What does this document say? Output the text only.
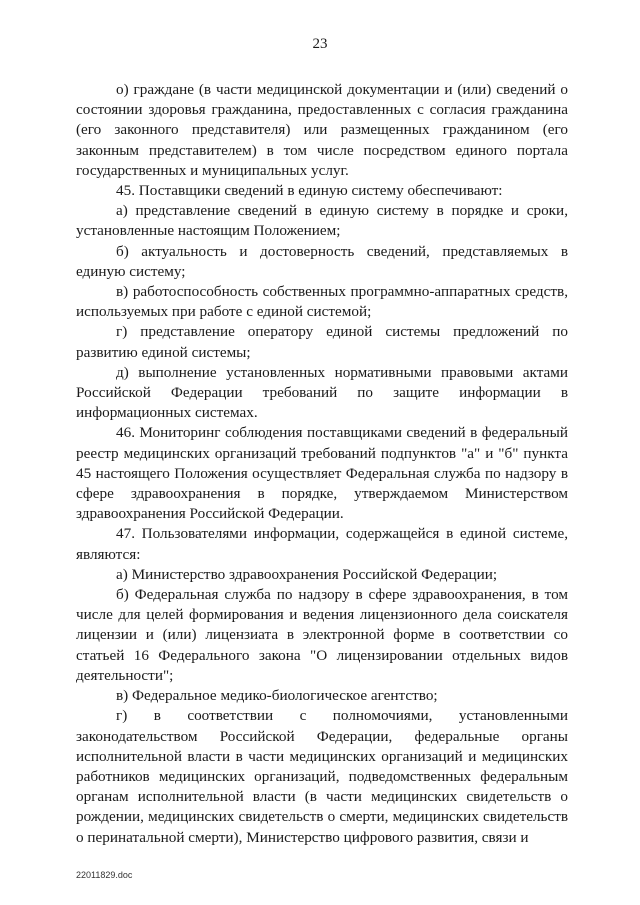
23

о) граждане (в части медицинской документации и (или) сведений о состоянии здоровья гражданина, предоставленных с согласия гражданина (его законного представителя) или размещенных гражданином (его законным представителем) в том числе посредством единого портала государственных и муниципальных услуг.

45. Поставщики сведений в единую систему обеспечивают:

а) представление сведений в единую систему в порядке и сроки, установленные настоящим Положением;

б) актуальность и достоверность сведений, представляемых в единую систему;

в) работоспособность собственных программно-аппаратных средств, используемых при работе с единой системой;

г) представление оператору единой системы предложений по развитию единой системы;

д) выполнение установленных нормативными правовыми актами Российской Федерации требований по защите информации в информационных системах.

46. Мониторинг соблюдения поставщиками сведений в федеральный реестр медицинских организаций требований подпунктов "а" и "б" пункта 45 настоящего Положения осуществляет Федеральная служба по надзору в сфере здравоохранения в порядке, утверждаемом Министерством здравоохранения Российской Федерации.

47. Пользователями информации, содержащейся в единой системе, являются:

а) Министерство здравоохранения Российской Федерации;

б) Федеральная служба по надзору в сфере здравоохранения, в том числе для целей формирования и ведения лицензионного дела соискателя лицензии и (или) лицензиата в электронной форме в соответствии со статьей 16 Федерального закона "О лицензировании отдельных видов деятельности";

в) Федеральное медико-биологическое агентство;

г) в соответствии с полномочиями, установленными законодательством Российской Федерации, федеральные органы исполнительной власти в части медицинских организаций и медицинских работников медицинских организаций, подведомственных федеральным органам исполнительной власти (в части медицинских свидетельств о рождении, медицинских свидетельств о смерти, медицинских свидетельств о перинатальной смерти), Министерство цифрового развития, связи и

22011829.doc
